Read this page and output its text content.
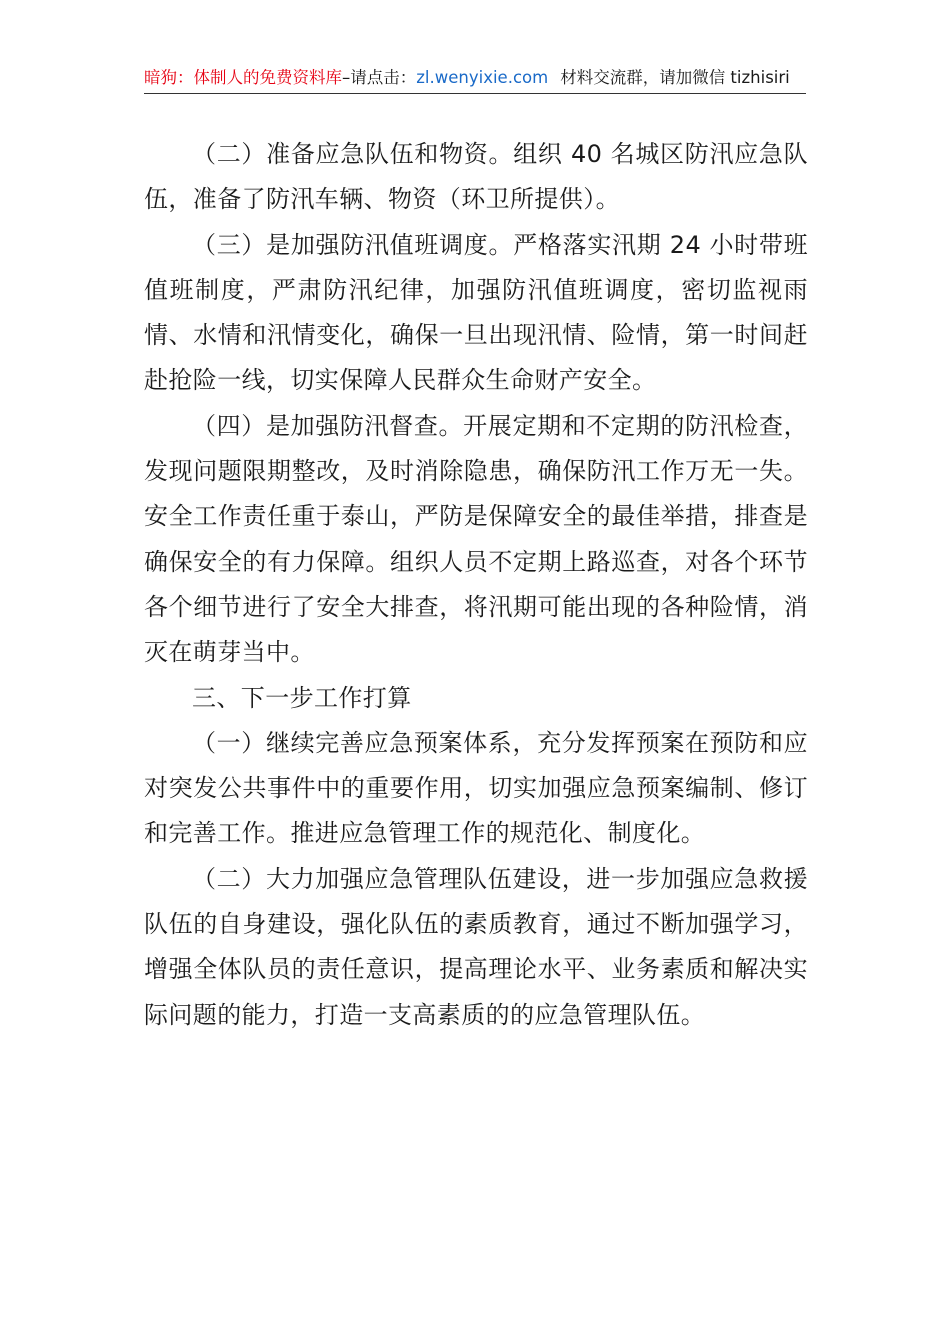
暗狗：体制人的免费资料库–请点击：zl.wenyixie.com 材料交流群，请加微信 tizhisiri

（二）准备应急队伍和物资。组织 40 名城区防汛应急队伍，准备了防汛车辆、物资（环卫所提供）。

（三）是加强防汛值班调度。严格落实汛期 24 小时带班值班制度，严肃防汛纪律，加强防汛值班调度，密切监视雨情、水情和汛情变化，确保一旦出现汛情、险情，第一时间赶赴抢险一线，切实保障人民群众生命财产安全。

（四）是加强防汛督查。开展定期和不定期的防汛检查，发现问题限期整改，及时消除隐患，确保防汛工作万无一失。安全工作责任重于泰山，严防是保障安全的最佳举措，排查是确保安全的有力保障。组织人员不定期上路巡查，对各个环节各个细节进行了安全大排查，将汛期可能出现的各种险情，消灭在萌芽当中。

三、下一步工作打算

（一）继续完善应急预案体系，充分发挥预案在预防和应对突发公共事件中的重要作用，切实加强应急预案编制、修订和完善工作。推进应急管理工作的规范化、制度化。

（二）大力加强应急管理队伍建设，进一步加强应急救援队伍的自身建设，强化队伍的素质教育，通过不断加强学习，增强全体队员的责任意识，提高理论水平、业务素质和解决实际问题的能力，打造一支高素质的的应急管理队伍。
